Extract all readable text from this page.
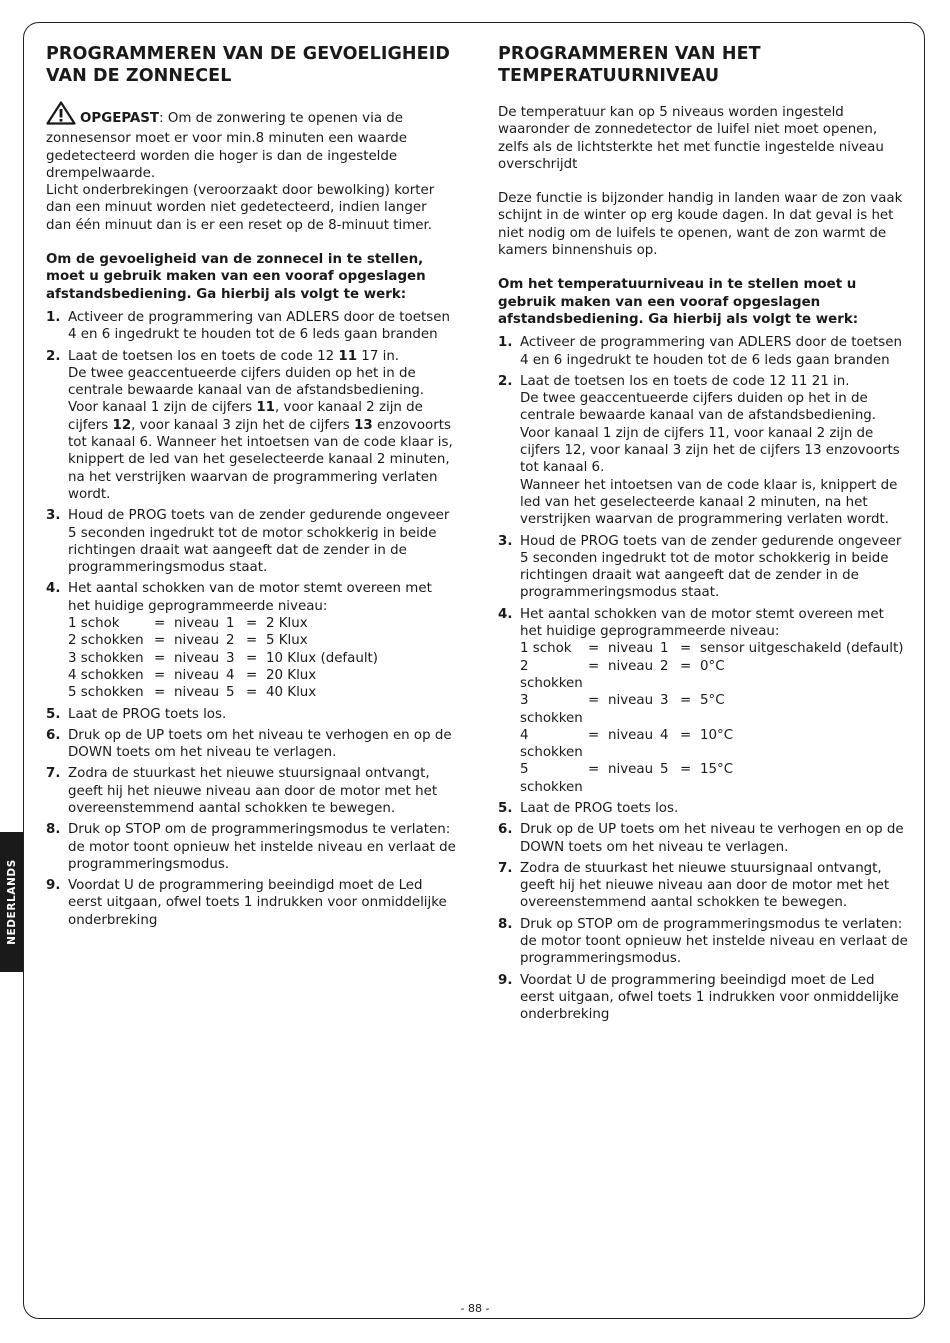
NEDERLANDS
PROGRAMMEREN VAN DE GEVOELIGHEID VAN DE ZONNECEL

OPGEPAST: Om de zonwering te openen via de zonnesensor moet er voor min.8 minuten een waarde gedetecteerd worden die hoger is dan de ingestelde drempelwaarde.

Licht onderbrekingen (veroorzaakt door bewolking) korter dan een minuut worden niet gedetecteerd, indien langer dan één minuut dan is er een reset op de 8-minuut timer.

Om de gevoeligheid van de zonnecel in te stellen, moet u gebruik maken van een vooraf opgeslagen afstandsbediening. Ga hierbij als volgt te werk:

1. Activeer de programmering van ADLERS door de toetsen 4 en 6 ingedrukt te houden tot de 6 leds gaan branden
2. Laat de toetsen los en toets de code 12 11 17 in.
De twee geaccentueerde cijfers duiden op het in de centrale bewaarde kanaal van de afstandsbediening. Voor kanaal 1 zijn de cijfers 11, voor kanaal 2 zijn de cijfers 12, voor kanaal 3 zijn het de cijfers 13 enzovoorts tot kanaal 6. Wanneer het intoetsen van de code klaar is, knippert de led van het geselecteerde kanaal 2 minuten, na het verstrijken waarvan de programmering verlaten wordt.
3. Houd de PROG toets van de zender gedurende ongeveer 5 seconden ingedrukt tot de motor schokkerig in beide richtingen draait wat aangeeft dat de zender in de programmeringsmodus staat.
4. Het aantal schokken van de motor stemt overeen met het huidige geprogrammeerde niveau:
1 schok	= niveau 1 = 2 Klux
2 schokken = niveau 2 = 5 Klux
3 schokken = niveau 3 = 10 Klux (default)
4 schokken = niveau 4 = 20 Klux
5 schokken = niveau 5 = 40 Klux
5. Laat de PROG toets los.
6. Druk op de UP toets om het niveau te verhogen en op de DOWN toets om het niveau te verlagen.
7. Zodra de stuurkast het nieuwe stuursignaal ontvangt, geeft hij het nieuwe niveau aan door de motor met het overeenstemmend aantal schokken te bewegen.
8. Druk op STOP om de programmeringsmodus te verlaten: de motor toont opnieuw het instelde niveau en verlaat de programmeringsmodus.
9. Voordat U de programmering beeindigd moet de Led eerst uitgaan, ofwel toets 1 indrukken voor onmiddelijke onderbreking
PROGRAMMEREN VAN HET TEMPERATUURNIVEAU

De temperatuur kan op 5 niveaus worden ingesteld waaronder de zonnedetector de luifel niet moet openen, zelfs als de lichtsterkte het met functie ingestelde niveau overschrijdt

Deze functie is bijzonder handig in landen waar de zon vaak schijnt in de winter op erg koude dagen. In dat geval is het niet nodig om de luifels te openen, want de zon warmt de kamers binnenshuis op.

Om het temperatuurniveau in te stellen moet u gebruik maken van een vooraf opgeslagen afstandsbediening. Ga hierbij als volgt te werk:

1. Activeer de programmering van ADLERS door de toetsen 4 en 6 ingedrukt te houden tot de 6 leds gaan branden
2. Laat de toetsen los en toets de code 12 11 21 in.
De twee geaccentueerde cijfers duiden op het in de centrale bewaarde kanaal van de afstandsbediening. Voor kanaal 1 zijn de cijfers 11, voor kanaal 2 zijn de cijfers 12, voor kanaal 3 zijn het de cijfers 13 enzovoorts tot kanaal 6.
Wanneer het intoetsen van de code klaar is, knippert de led van het geselecteerde kanaal 2 minuten, na het verstrijken waarvan de programmering verlaten wordt.
3. Houd de PROG toets van de zender gedurende ongeveer 5 seconden ingedrukt tot de motor schokkerig in beide richtingen draait wat aangeeft dat de zender in de programmeringsmodus staat.
4. Het aantal schokken van de motor stemt overeen met het huidige geprogrammeerde niveau:
1 schok	= niveau 1 = sensor uitgeschakeld (default)
2 schokken
= niveau 2 = 0°C
3 schokken
= niveau 3 = 5°C
4 schokken
= niveau 4 = 10°C
5 schokken
= niveau 5 = 15°C
5. Laat de PROG toets los.
6. Druk op de UP toets om het niveau te verhogen en op de DOWN toets om het niveau te verlagen.
7. Zodra de stuurkast het nieuwe stuursignaal ontvangt, geeft hij het nieuwe niveau aan door de motor met het overeenstemmend aantal schokken te bewegen.
8. Druk op STOP om de programmeringsmodus te verlaten: de motor toont opnieuw het instelde niveau en verlaat de programmeringsmodus.
9. Voordat U de programmering beeindigd moet de Led eerst uitgaan, ofwel toets 1 indrukken voor onmiddelijke onderbreking
- 88 -
